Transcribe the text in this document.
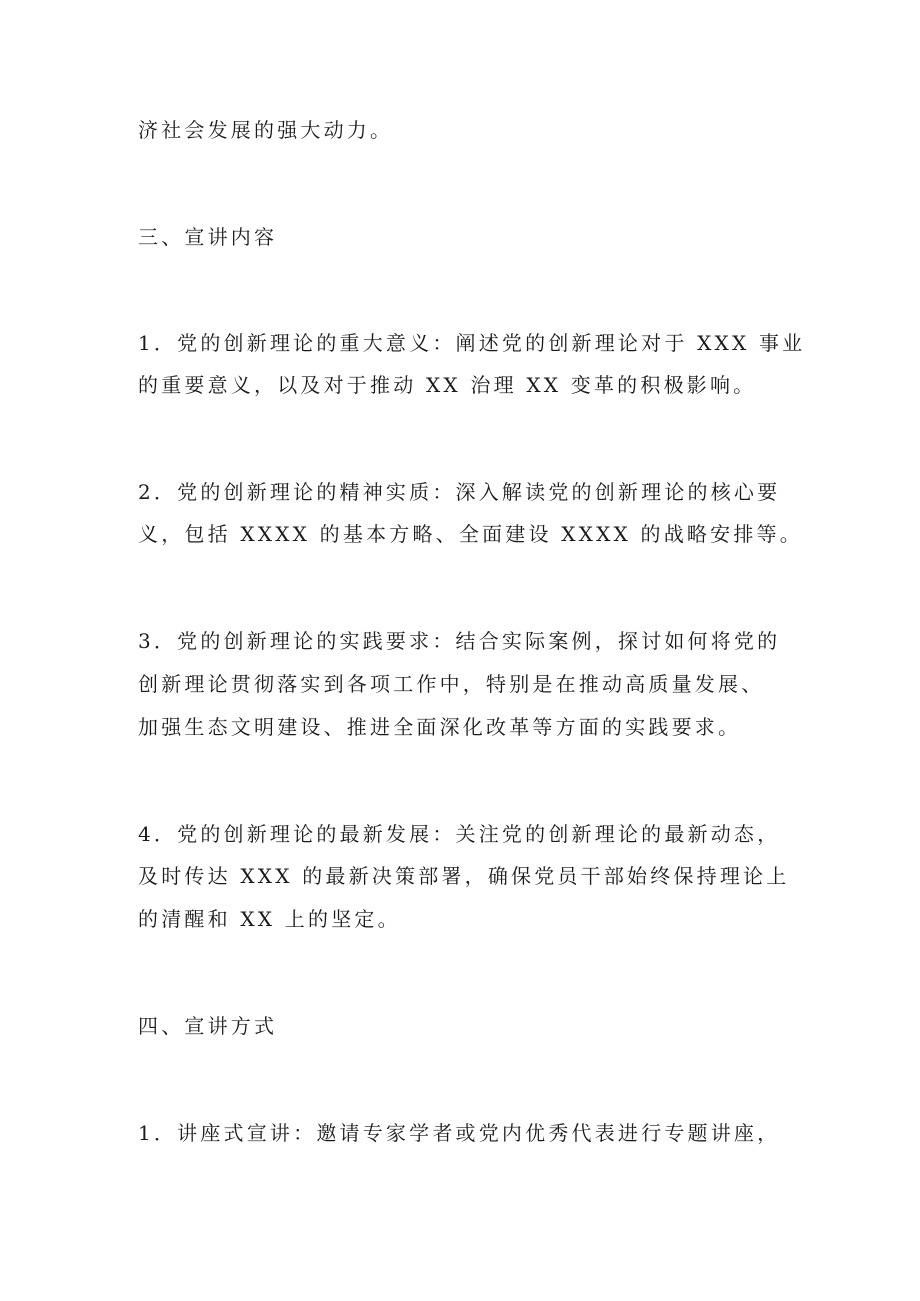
济社会发展的强大动力。
三、宣讲内容
1．党的创新理论的重大意义：阐述党的创新理论对于 XXX 事业
的重要意义，以及对于推动 XX 治理 XX 变革的积极影响。
2．党的创新理论的精神实质：深入解读党的创新理论的核心要
义，包括 XXXX 的基本方略、全面建设 XXXX 的战略安排等。
3．党的创新理论的实践要求：结合实际案例，探讨如何将党的
创新理论贯彻落实到各项工作中，特别是在推动高质量发展、
加强生态文明建设、推进全面深化改革等方面的实践要求。
4．党的创新理论的最新发展：关注党的创新理论的最新动态，
及时传达 XXX 的最新决策部署，确保党员干部始终保持理论上
的清醒和 XX 上的坚定。
四、宣讲方式
1．讲座式宣讲：邀请专家学者或党内优秀代表进行专题讲座，
